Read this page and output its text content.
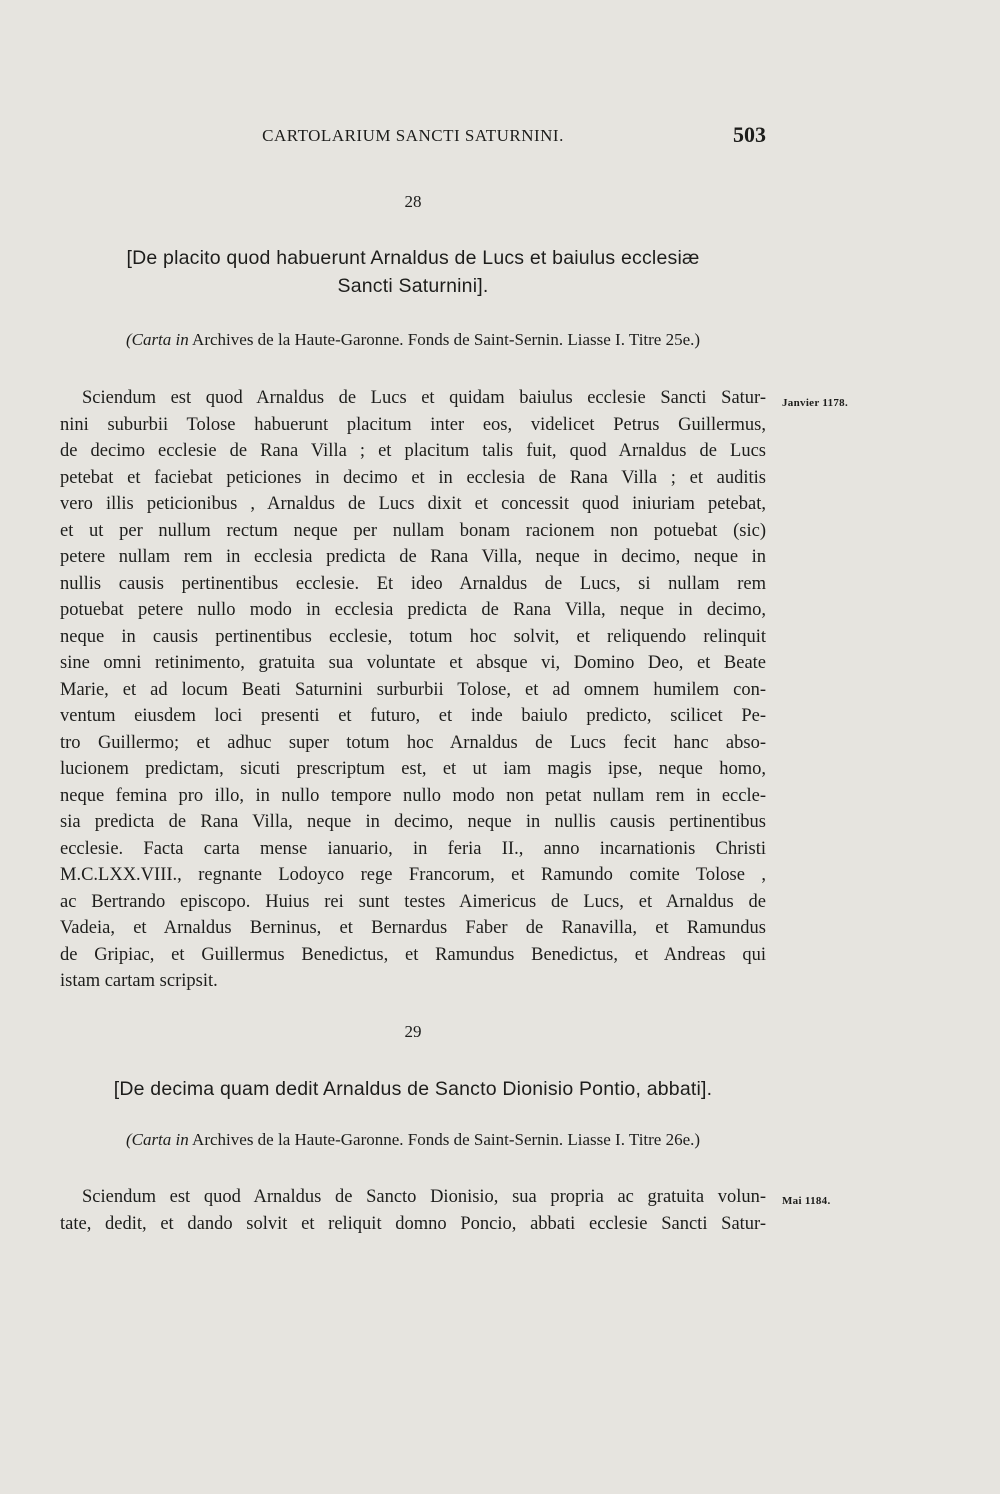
CARTOLARIUM SANCTI SATURNINI.	503
28
[De placito quod habuerunt Arnaldus de Lucs et baiulus ecclesiæ
Sancti Saturnini].
(Carta in Archives de la Haute-Garonne. Fonds de Saint-Sernin. Liasse I. Titre 25e.)
Janvier 1178.
Sciendum est quod Arnaldus de Lucs et quidam baiulus ecclesie Sancti Satur-
nini suburbii Tolose habuerunt placitum inter eos, videlicet Petrus Guillermus,
de decimo ecclesie de Rana Villa ; et placitum talis fuit, quod Arnaldus de Lucs
petebat et faciebat peticiones in decimo et in ecclesia de Rana Villa ; et auditis
vero illis peticionibus , Arnaldus de Lucs dixit et concessit quod iniuriam petebat,
et ut per nullum rectum neque per nullam bonam racionem non potuebat (sic)
petere nullam rem in ecclesia predicta de Rana Villa, neque in decimo, neque in
nullis causis pertinentibus ecclesie. Et ideo Arnaldus de Lucs, si nullam rem
potuebat petere nullo modo in ecclesia predicta de Rana Villa, neque in decimo,
neque in causis pertinentibus ecclesie, totum hoc solvit, et reliquendo relinquit
sine omni retinimento, gratuita sua voluntate et absque vi, Domino Deo, et Beate
Marie, et ad locum Beati Saturnini surburbii Tolose, et ad omnem humilem con-
ventum eiusdem loci presenti et futuro, et inde baiulo predicto, scilicet Pe-
tro Guillermo; et adhuc super totum hoc Arnaldus de Lucs fecit hanc abso-
lucionem predictam, sicuti prescriptum est, et ut iam magis ipse, neque homo,
neque femina pro illo, in nullo tempore nullo modo non petat nullam rem in eccle-
sia predicta de Rana Villa, neque in decimo, neque in nullis causis pertinentibus
ecclesie. Facta carta mense ianuario, in feria II., anno incarnationis Christi
M.C.LXX.VIII., regnante Lodoyco rege Francorum, et Ramundo comite Tolose ,
ac Bertrando episcopo. Huius rei sunt testes Aimericus de Lucs, et Arnaldus de
Vadeia, et Arnaldus Berninus, et Bernardus Faber de Ranavilla, et Ramundus
de Gripiac, et Guillermus Benedictus, et Ramundus Benedictus, et Andreas qui
istam cartam scripsit.
29
[De decima quam dedit Arnaldus de Sancto Dionisio Pontio, abbati].
(Carta in Archives de la Haute-Garonne. Fonds de Saint-Sernin. Liasse I. Titre 26e.)
Mai 1184.
Sciendum est quod Arnaldus de Sancto Dionisio, sua propria ac gratuita volun-
tate, dedit, et dando solvit et reliquit domno Poncio, abbati ecclesie Sancti Satur-
